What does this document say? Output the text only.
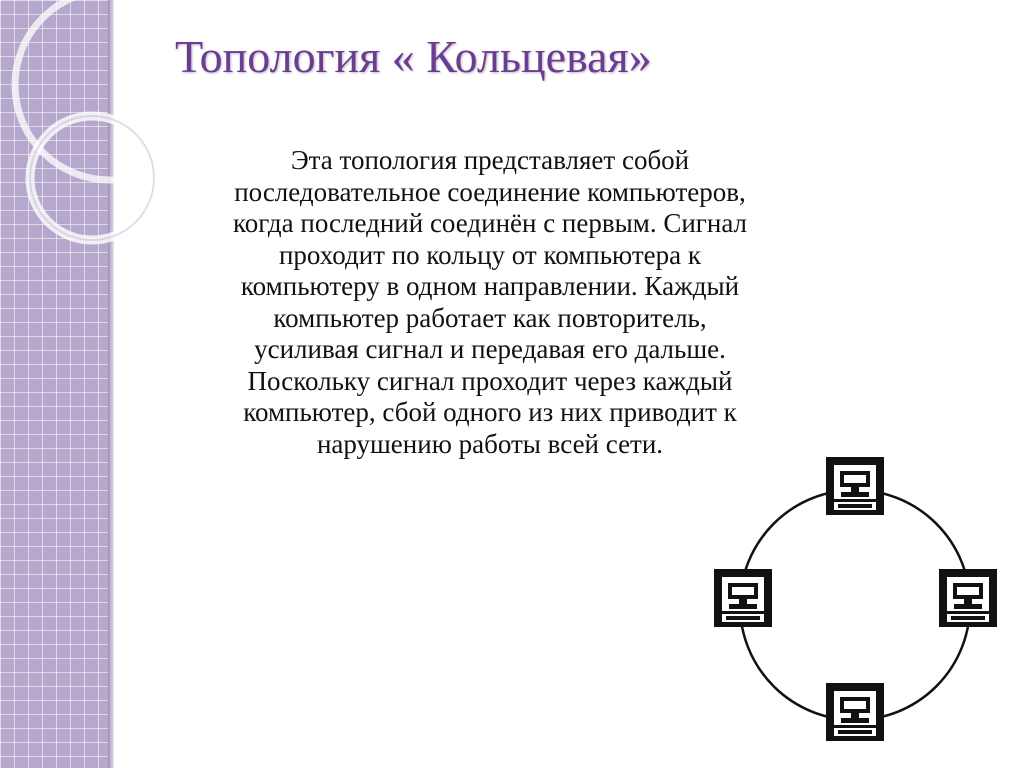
Топология « Кольцевая»

Эта топология представляет собой
последовательное соединение компьютеров,
когда последний соединён с первым. Сигнал
проходит по кольцу от компьютера к
компьютеру в одном направлении. Каждый
компьютер работает как повторитель,
усиливая сигнал и передавая его дальше.
Поскольку сигнал проходит через каждый
компьютер, сбой одного из них приводит к
нарушению работы всей сети.
